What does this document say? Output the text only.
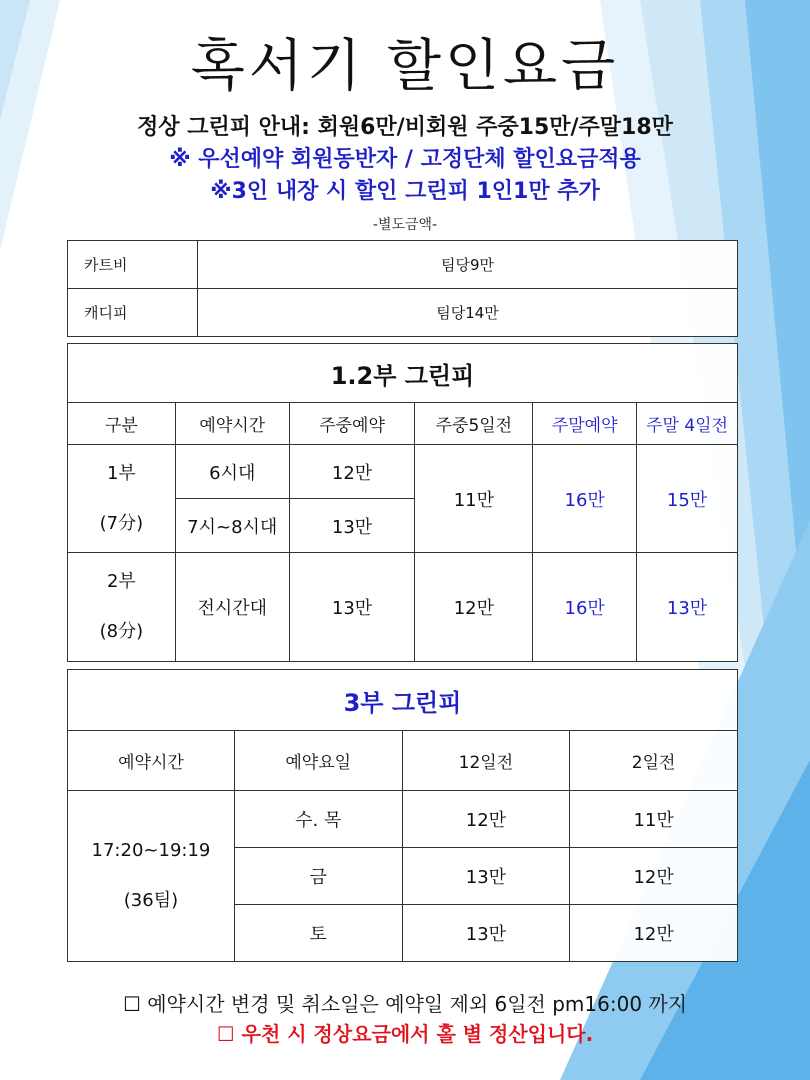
혹서기 할인요금
정상 그린피 안내: 회원6만/비회원 주중15만/주말18만
※ 우선예약 회원동반자 / 고정단체 할인요금적용
※3인 내장 시 할인 그린피 1인1만 추가
-별도금액-
카트비	팀당9만
캐디피	팀당14만
1.2부 그린피					
구분	예약시간	주중예약	주중5일전	주말예약	주말 4일전

1부
(7分)	6시대	12만	11만	16만	15만
	7시~8시대	13만			

2부
(8分)	전시간대	13만	12만	16만	13만
3부 그린피			
예약시간	예약요일	12일전	2일전

17:20~19:19
(36팀)	수. 목	12만	11만
	금	13만	12만
	토	13만	12만
☐ 예약시간 변경 및 취소일은 예약일 제외 6일전 pm16:00 까지
☐ 우천 시 정상요금에서 홀 별 정산입니다.
